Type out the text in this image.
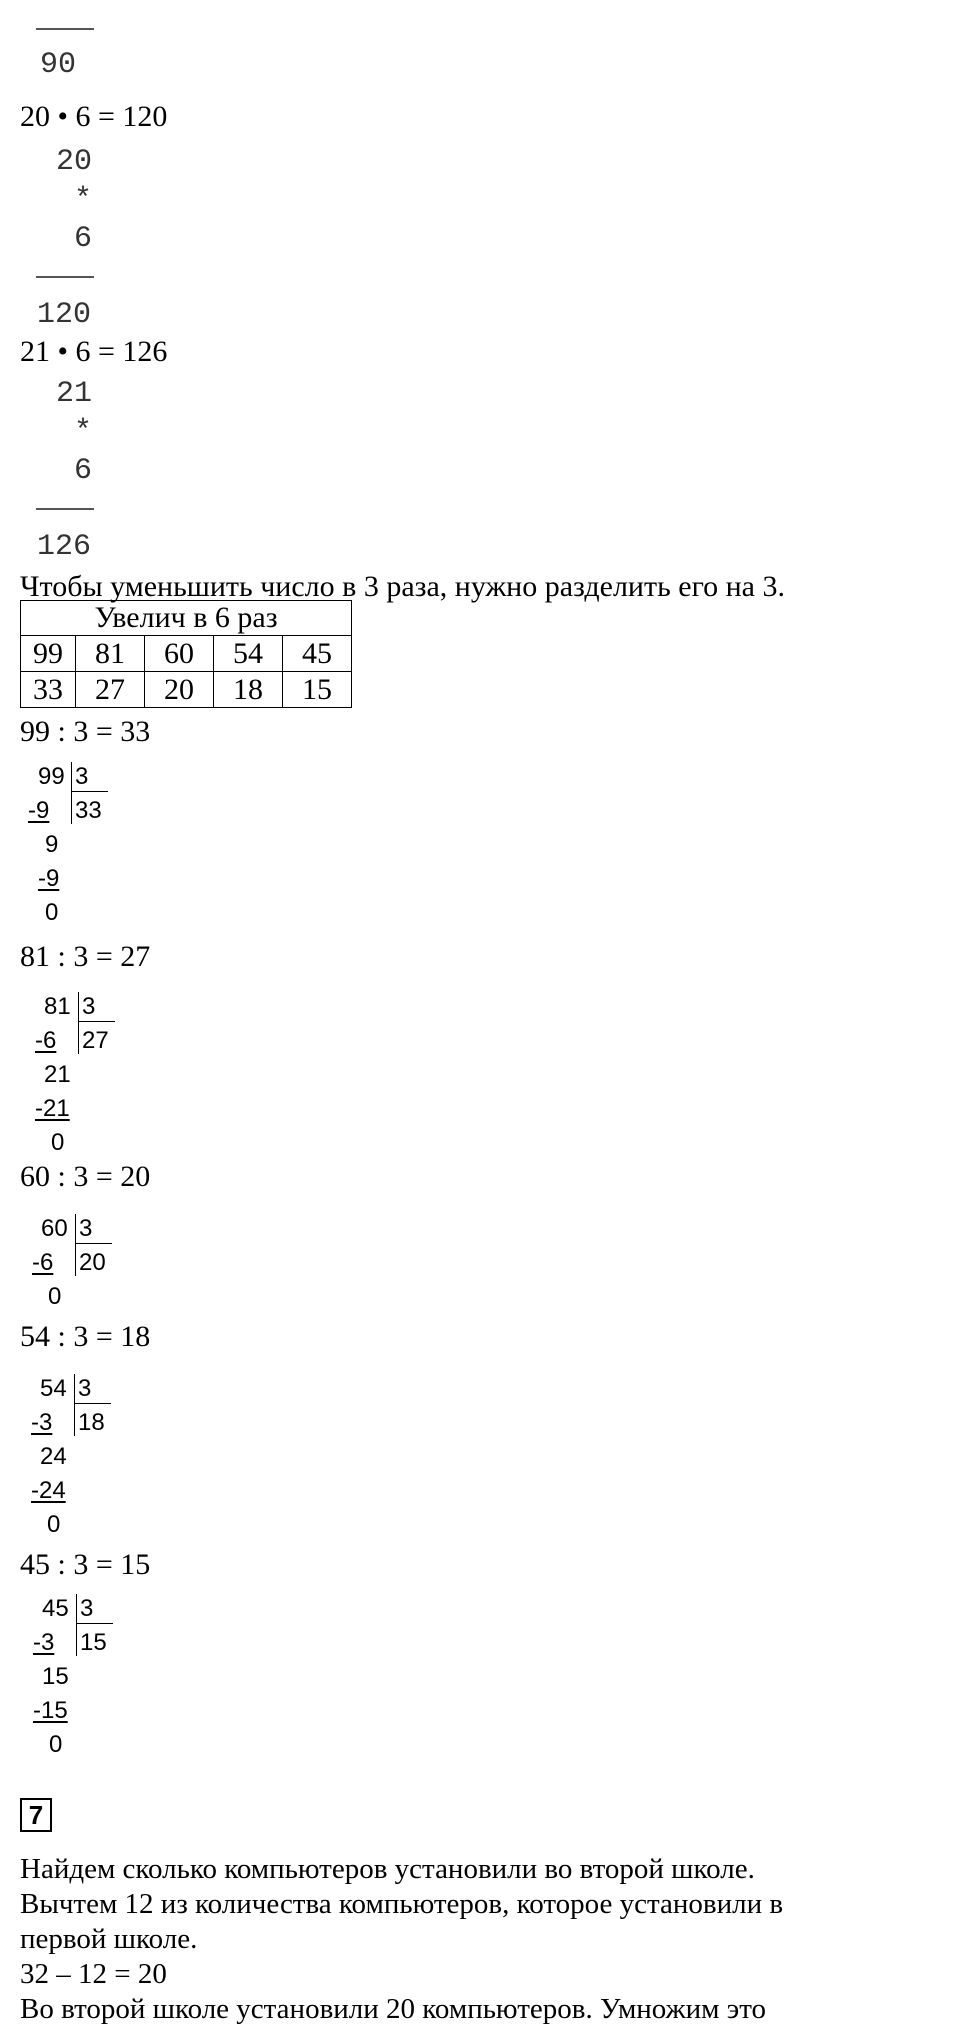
90
20 • 6 = 120
20
*
6
120
21 • 6 = 126
21
*
6
126
Чтобы уменьшить число в 3 раза, нужно разделить его на 3.
Увелич в 6 раз				
99	81	60	54	45
33	27	20	18	15
99 : 3 = 33
99 3
-9 33
9
-9
0
81 : 3 = 27
81 3
-6 27
21
-21
0
60 : 3 = 20
60 3
-6 20
0
54 : 3 = 18
54 3
-3 18
24
-24
0
45 : 3 = 15
45 3
-3 15
15
-15
0
7
Найдем сколько компьютеров установили во второй школе.
Вычтем 12 из количества компьютеров, которое установили в
первой школе.
32 – 12 = 20
Во второй школе установили 20 компьютеров. Умножим это
